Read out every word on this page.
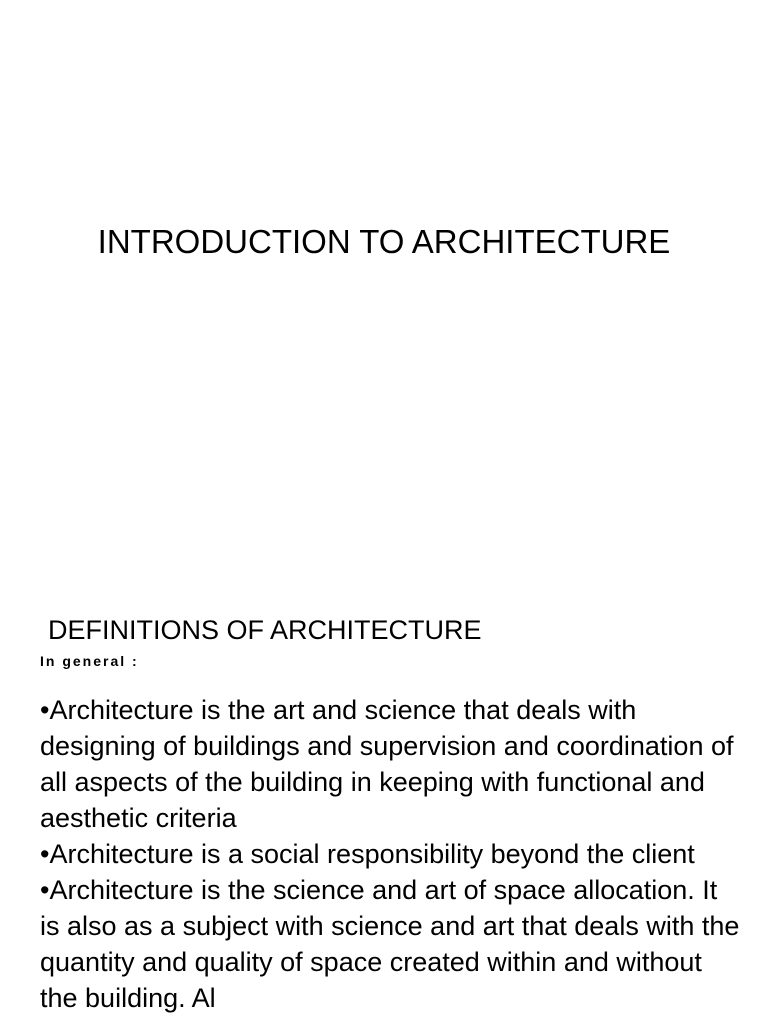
INTRODUCTION TO ARCHITECTURE
DEFINITIONS OF ARCHITECTURE
In general :

•Architecture is the art and science that deals with designing of buildings and supervision and coordination of all aspects of the building in keeping with functional and aesthetic criteria

•Architecture is a social responsibility beyond the client

•Architecture is the science and art of space allocation. It is also as a subject with science and art that deals with the quantity and quality of space created within and without the building. Al
